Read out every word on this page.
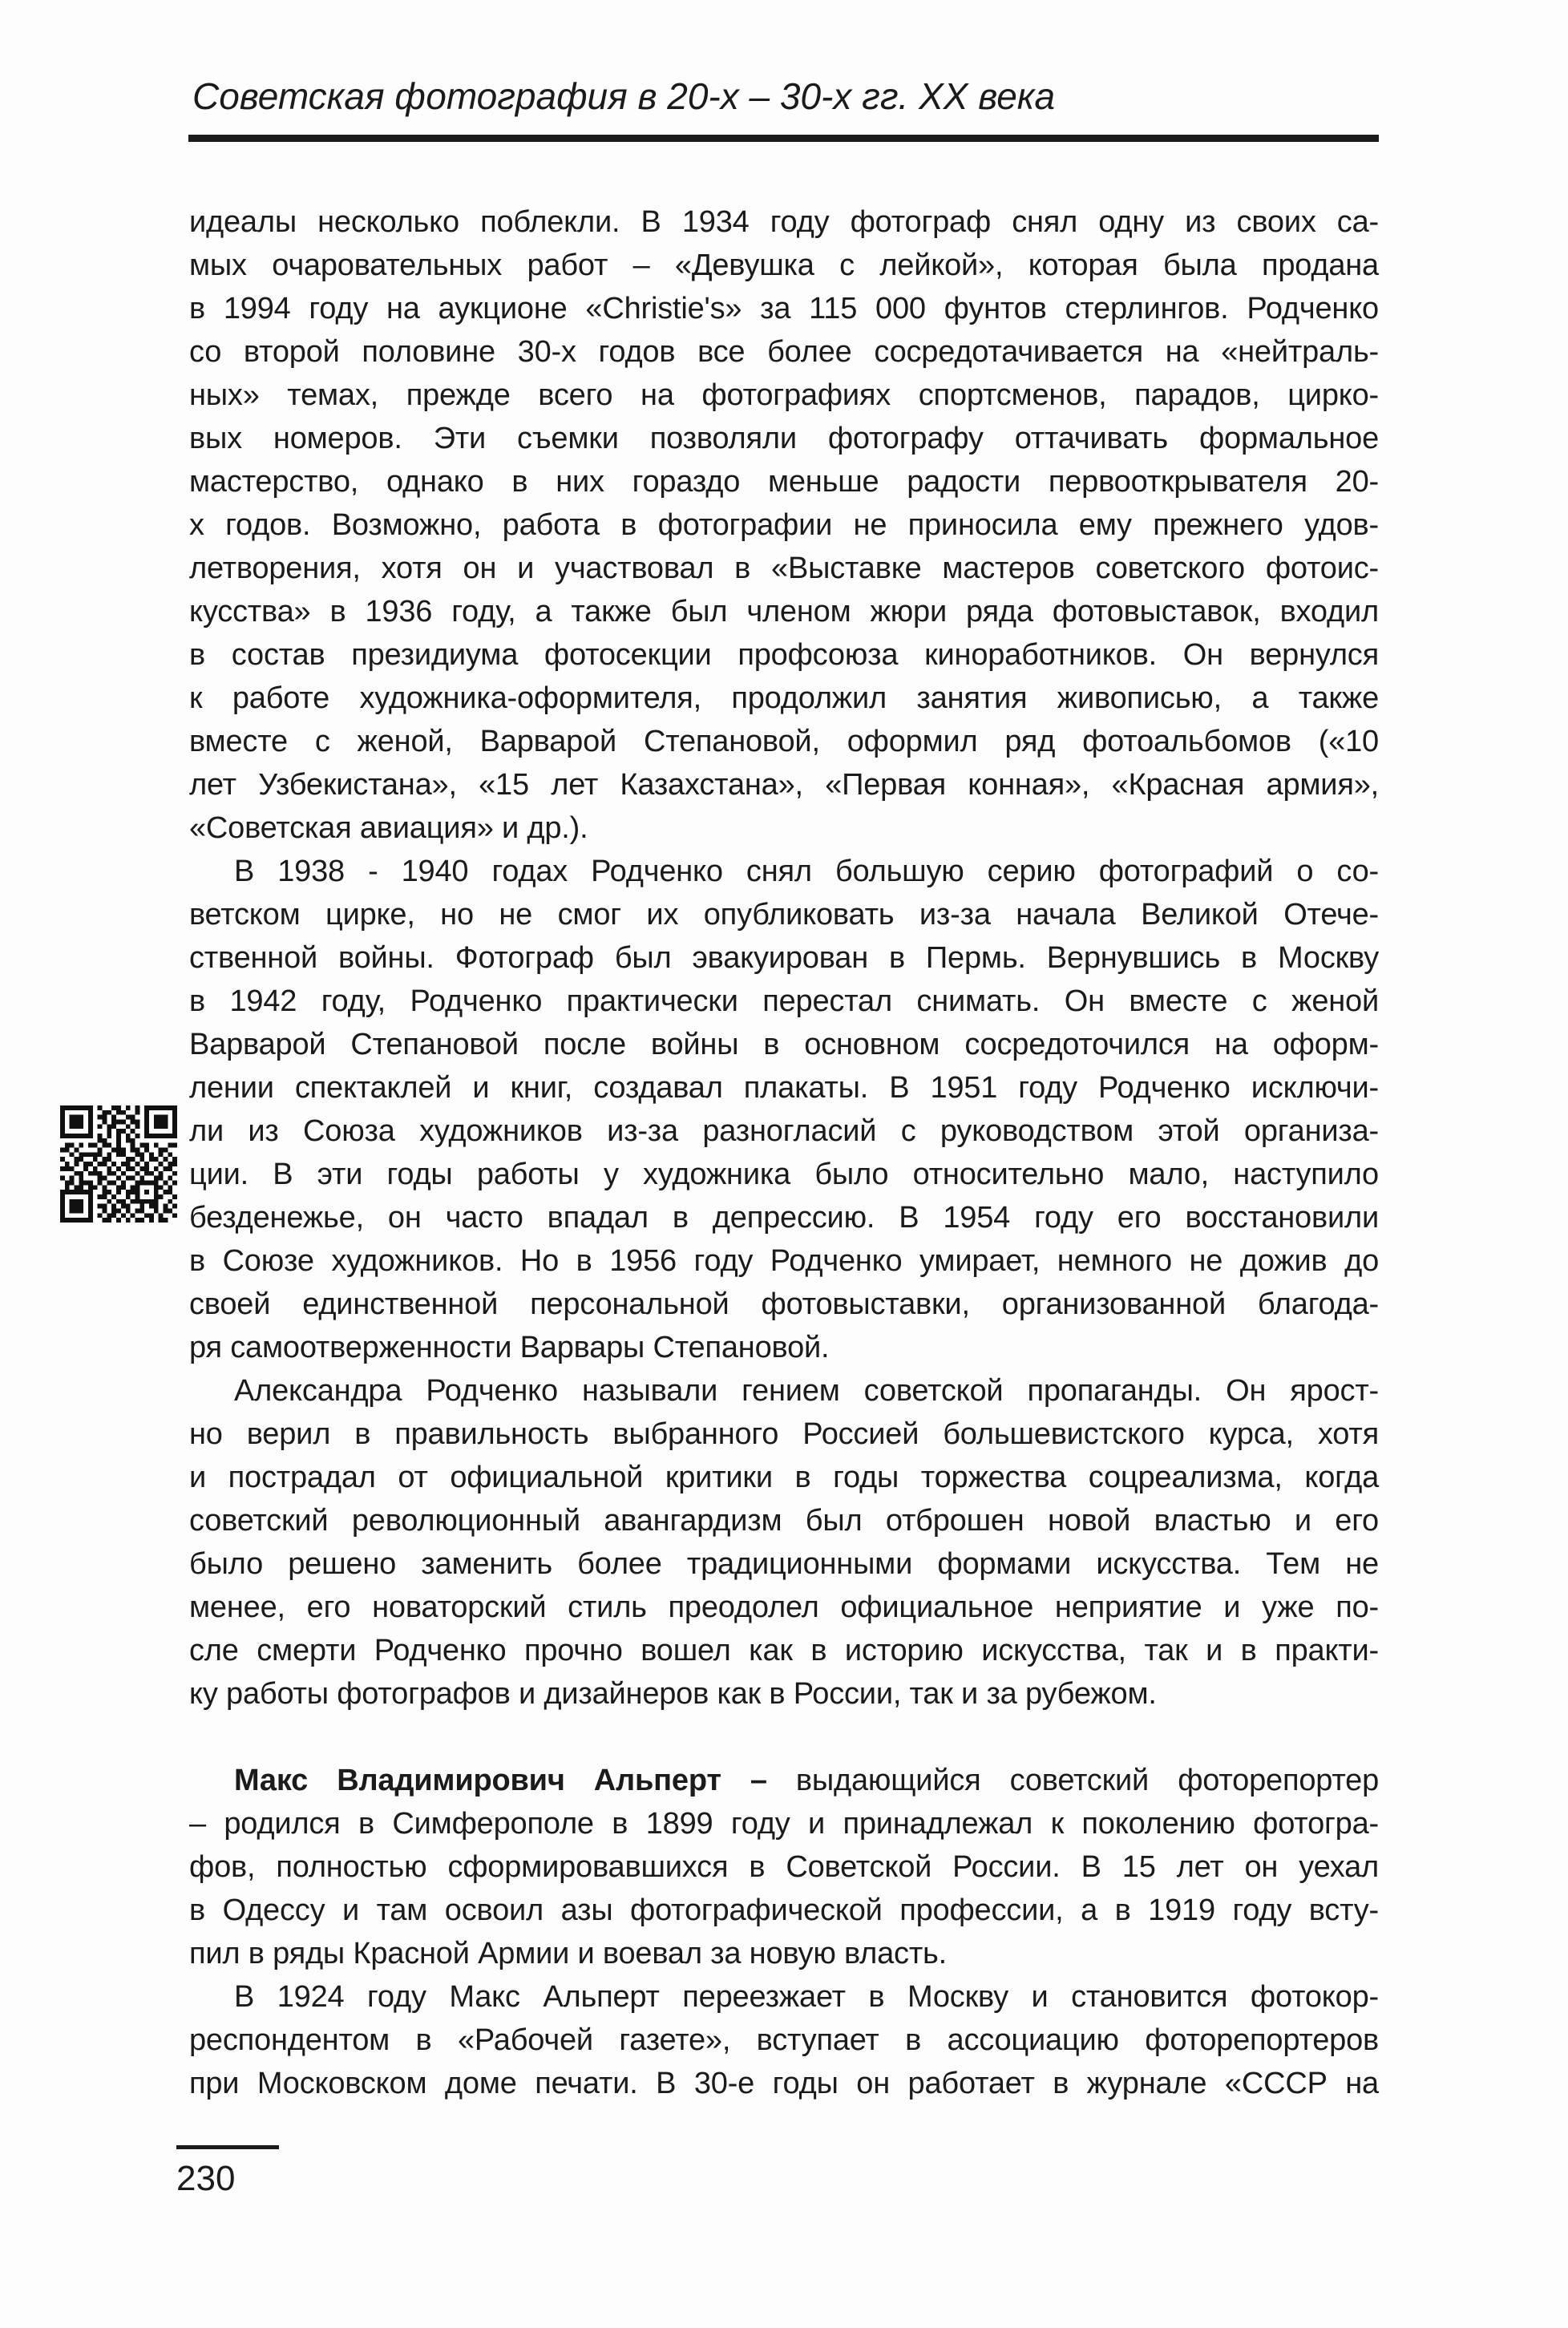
Советская фотография в 20-х – 30-х гг. XX века
идеалы несколько поблекли. В 1934 году фотограф снял одну из своих са-
мых очаровательных работ – «Девушка с лейкой», которая была продана
в 1994 году на аукционе «Christie's» за 115 000 фунтов стерлингов. Родченко
со второй половине 30-х годов все более сосредотачивается на «нейтраль-
ных» темах, прежде всего на фотографиях спортсменов, парадов, цирко-
вых номеров. Эти съемки позволяли фотографу оттачивать формальное
мастерство, однако в них гораздо меньше радости первооткрывателя 20-
х годов. Возможно, работа в фотографии не приносила ему прежнего удов-
летворения, хотя он и участвовал в «Выставке мастеров советского фотоис-
кусства» в 1936 году, а также был членом жюри ряда фотовыставок, входил
в состав президиума фотосекции профсоюза киноработников. Он вернулся
к работе художника-оформителя, продолжил занятия живописью, а также
вместе с женой, Варварой Степановой, оформил ряд фотоальбомов («10
лет Узбекистана», «15 лет Казахстана», «Первая конная», «Красная армия»,
«Советская авиация» и др.).
В 1938 - 1940 годах Родченко снял большую серию фотографий о со-
ветском цирке, но не смог их опубликовать из-за начала Великой Отече-
ственной войны. Фотограф был эвакуирован в Пермь. Вернувшись в Москву
в 1942 году, Родченко практически перестал снимать. Он вместе с женой
Варварой Степановой после войны в основном сосредоточился на оформ-
лении спектаклей и книг, создавал плакаты. В 1951 году Родченко исключи-
ли из Союза художников из-за разногласий с руководством этой организа-
ции. В эти годы работы у художника было относительно мало, наступило
безденежье, он часто впадал в депрессию. В 1954 году его восстановили
в Союзе художников. Но в 1956 году Родченко умирает, немного не дожив до
своей единственной персональной фотовыставки, организованной благода-
ря самоотверженности Варвары Степановой.
Александра Родченко называли гением советской пропаганды. Он ярост-
но верил в правильность выбранного Россией большевистского курса, хотя
и пострадал от официальной критики в годы торжества соцреализма, когда
советский революционный авангардизм был отброшен новой властью и его
было решено заменить более традиционными формами искусства. Тем не
менее, его новаторский стиль преодолел официальное неприятие и уже по-
сле смерти Родченко прочно вошел как в историю искусства, так и в практи-
ку работы фотографов и дизайнеров как в России, так и за рубежом.
Макс Владимирович Альперт – выдающийся советский фоторепортер
– родился в Симферополе в 1899 году и принадлежал к поколению фотогра-
фов, полностью сформировавшихся в Советской России. В 15 лет он уехал
в Одессу и там освоил азы фотографической профессии, а в 1919 году всту-
пил в ряды Красной Армии и воевал за новую власть.
В 1924 году Макс Альперт переезжает в Москву и становится фотокор-
респондентом в «Рабочей газете», вступает в ассоциацию фоторепортеров
при Московском доме печати. В 30-е годы он работает в журнале «СССР на
230
